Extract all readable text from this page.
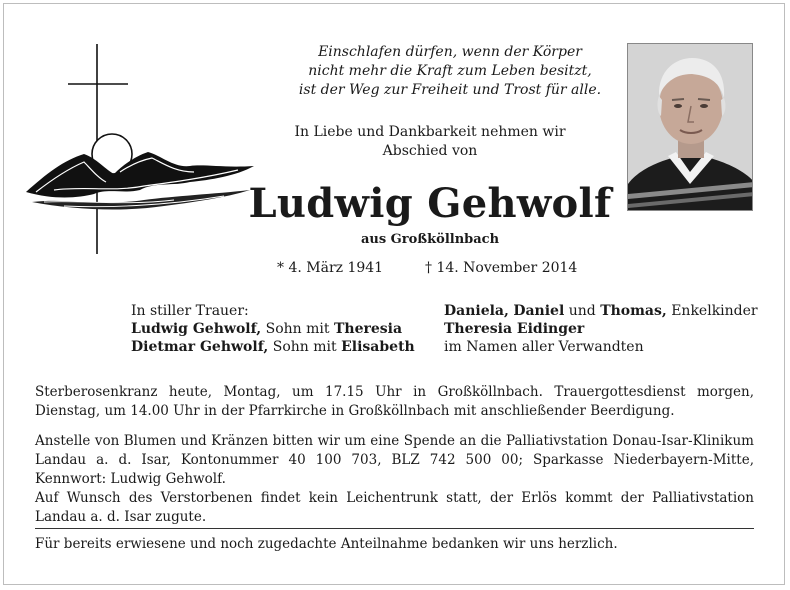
Einschlafen dürfen, wenn der Körper
nicht mehr die Kraft zum Leben besitzt,
ist der Weg zur Freiheit und Trost für alle.
In Liebe und Dankbarkeit nehmen wir
Abschied von
Ludwig Gehwolf
aus Großköllnbach
* 4. März 1941	† 14. November 2014
In stiller Trauer:
Ludwig Gehwolf, Sohn mit Theresia
Dietmar Gehwolf, Sohn mit Elisabeth
Daniela, Daniel und Thomas, Enkelkinder
Theresia Eidinger
im Namen aller Verwandten
Sterberosenkranz heute, Montag, um 17.15 Uhr in Großköllnbach. Trauergottesdienst morgen, Dienstag, um 14.00 Uhr in der Pfarrkirche in Großköllnbach mit anschließender Beerdigung.
Anstelle von Blumen und Kränzen bitten wir um eine Spende an die Palliativstation Donau-Isar-Klinikum Landau a. d. Isar, Kontonummer 40 100 703, BLZ 742 500 00; Sparkasse Niederbayern-Mitte, Kennwort: Ludwig Gehwolf.
Auf Wunsch des Verstorbenen findet kein Leichentrunk statt, der Erlös kommt der Palliativstation Landau a. d. Isar zugute.
Für bereits erwiesene und noch zugedachte Anteilnahme bedanken wir uns herzlich.
